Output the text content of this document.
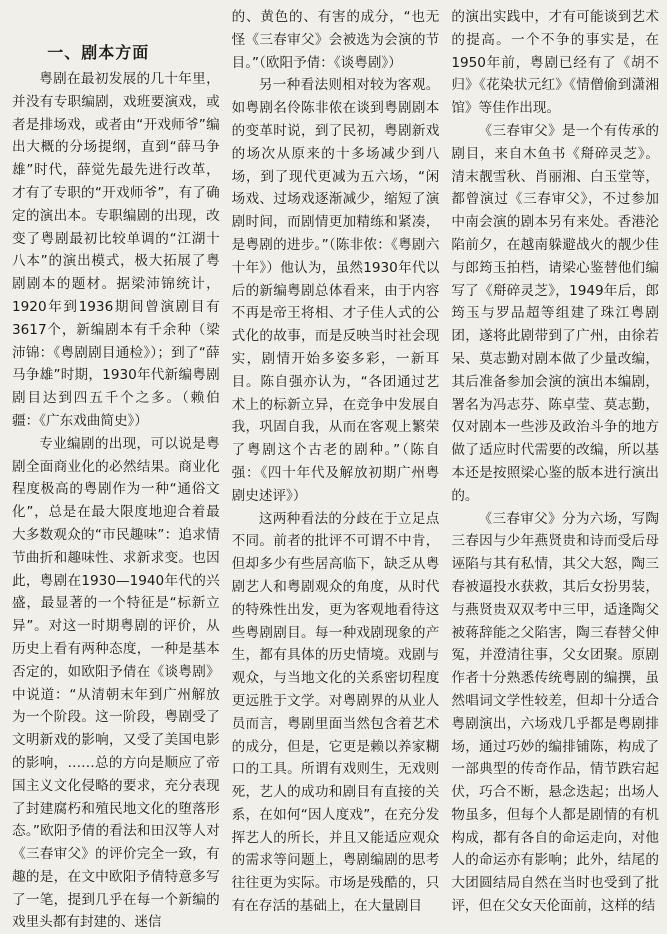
一、剧本方面

粤剧在最初发展的几十年里，并没有专职编剧，戏班要演戏，或者是排场戏，或者由“开戏师爷”编出大概的分场提纲，直到“薛马争雄”时代，薛觉先最先进行改革，才有了专职的“开戏师爷”，有了确定的演出本。专职编剧的出现，改变了粤剧最初比较单调的“江湖十八本”的演出模式，极大拓展了粤剧剧本的题材。据梁沛锦统计，1920年到1936期间曾演剧目有3617个，新编剧本有千余种（梁沛锦：《粤剧剧目通检》）；到了“薛马争雄”时期，1930年代新编粤剧剧目达到四五千个之多。（赖伯疆：《广东戏曲简史》）

专业编剧的出现，可以说是粤剧全面商业化的必然结果。商业化程度极高的粤剧作为一种“通俗文化”，总是在最大限度地迎合着最大多数观众的“市民趣味”：追求情节曲折和趣味性、求新求变。也因此，粤剧在1930—1940年代的兴盛，最显著的一个特征是“标新立异”。对这一时期粤剧的评价，从历史上看有两种态度，一种是基本否定的，如欧阳予倩在《谈粤剧》中说道：“从清朝末年到广州解放为一个阶段。这一阶段，粤剧受了文明新戏的影响，又受了美国电影的影响，……总的方向是顺应了帝国主义文化侵略的要求，充分表现了封建腐朽和殖民地文化的堕落形态。”欧阳予倩的看法和田汉等人对《三春审父》的评价完全一致，有趣的是，在文中欧阳予倩特意多写了一笔，提到几乎在每一个新编的戏里头都有封建的、迷信

的、黄色的、有害的成分，“也无怪《三春审父》会被选为会演的节目。”（欧阳予倩：《谈粤剧》）

另一种看法则相对较为客观。如粤剧名伶陈非侬在谈到粤剧剧本的变革时说，到了民初，粤剧新戏的场次从原来的十多场减少到八场，到了现代更减为五六场，“闲场戏、过场戏逐渐减少，缩短了演剧时间，而剧情更加精练和紧凑，是粤剧的进步。”（陈非侬：《粤剧六十年》）他认为，虽然1930年代以后的新编粤剧总体看来，由于内容不再是帝王将相、才子佳人式的公式化的故事，而是反映当时社会现实，剧情开始多姿多彩，一新耳目。陈自强亦认为，“各团通过艺术上的标新立异，在竞争中发展自我，巩固自我，从而在客观上繁荣了粤剧这个古老的剧种。”（陈自强：《四十年代及解放初期广州粤剧史述评》）

这两种看法的分歧在于立足点不同。前者的批评不可谓不中肯，但却多少有些居高临下，缺乏从粤剧艺人和粤剧观众的角度，从时代的特殊性出发，更为客观地看待这些粤剧剧目。每一种戏剧现象的产生，都有具体的历史情境。戏剧与观众，与当地文化的关系密切程度更远胜于文学。对粤剧界的从业人员而言，粤剧里面当然包含着艺术的成分，但是，它更是赖以养家糊口的工具。所谓有戏则生，无戏则死，艺人的成功和剧目有直接的关系，在如何“因人度戏”，在充分发挥艺人的所长，并且又能适应观众的需求等问题上，粤剧编剧的思考往往更为实际。市场是残酷的，只有在存活的基础上，在大量剧目

的演出实践中，才有可能谈到艺术的提高。一个不争的事实是，在1950年前，粤剧已经有了《胡不归》《花染状元红》《情僧偷到潇湘馆》等佳作出现。

《三春审父》是一个有传承的剧目，来自木鱼书《搿碎灵芝》。清末靓雪秋、肖丽湘、白玉堂等，都曾演过《三春审父》，不过参加中南会演的剧本另有来处。香港沦陷前夕，在越南躲避战火的靓少佳与郎筠玉拍档，请梁心鉴替他们编写了《搿碎灵芝》，1949年后，郎筠玉与罗品超等组建了珠江粤剧团，遂将此剧带到了广州，由徐若呆、莫志勤对剧本做了少量改编，其后准备参加会演的演出本编剧，署名为冯志芬、陈卓莹、莫志勤，仅对剧本一些涉及政治斗争的地方做了适应时代需要的改编，所以基本还是按照梁心鉴的版本进行演出的。

《三春审父》分为六场，写陶三春因与少年燕贤贵和诗而受后母诬陷与其有私情，其父大怒，陶三春被逼投水获救，其后女扮男装，与燕贤贵双双考中三甲，适逢陶父被蒋辞能之父陷害，陶三春替父伸冤，并澄清往事，父女团聚。原剧作者十分熟悉传统粤剧的编撰，虽然唱词文学性较差，但却十分适合粤剧演出，六场戏几乎都是粤剧排场，通过巧妙的编排铺陈，构成了一部典型的传奇作品，情节跌宕起伏，巧合不断，悬念迭起；出场人物虽多，但每个人都是剧情的有机构成，都有各自的命运走向，对他人的命运亦有影响；此外，结尾的大团圆结局自然在当时也受到了批评，但在父女天伦面前，这样的结
